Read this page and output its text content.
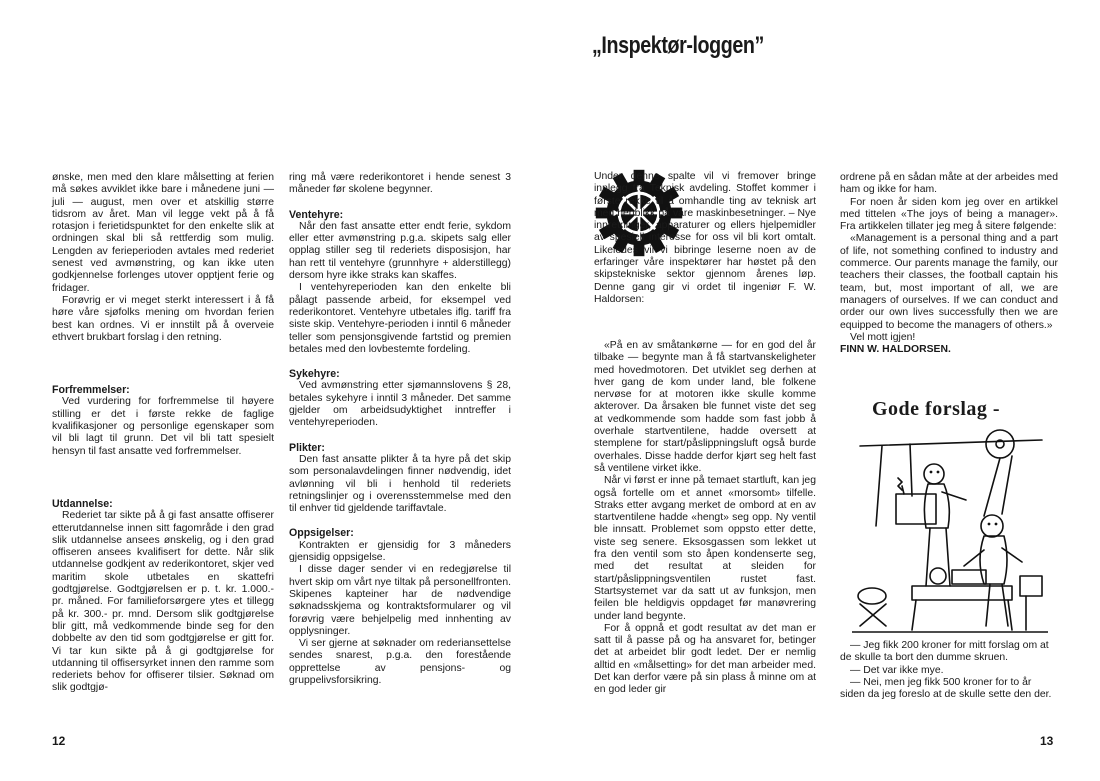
ønske, men med den klare målsetting at ferien må søkes avviklet ikke bare i månedene juni — juli — august, men over et atskillig større tidsrom av året. Man vil legge vekt på å få rotasjon i ferietidspunktet for den enkelte slik at ordningen skal bli så rettferdig som mulig. Lengden av ferieperioden avtales med rederiet senest ved avmønstring, og kan ikke uten godkjennelse forlenges utover opptjent ferie og fridager.

Forøvrig er vi meget sterkt interessert i å få høre våre sjøfolks mening om hvordan ferien best kan ordnes. Vi er innstilt på å overveie ethvert brukbart forslag i den retning.

Forfremmelser:

Ved vurdering for forfremmelse til høyere stilling er det i første rekke de faglige kvalifikasjoner og personlige egenskaper som vil bli lagt til grunn. Det vil bli tatt spesielt hensyn til fast ansatte ved forfremmelser.

Utdannelse:

Rederiet tar sikte på å gi fast ansatte offiserer etterutdannelse innen sitt fagområde i den grad slik utdannelse ansees ønskelig, og i den grad offiseren ansees kvalifisert for dette. Når slik utdannelse godkjent av rederikontoret, skjer ved maritim skole utbetales en skattefri godtgjørelse. Godtgjørelsen er p. t. kr. 1.000.- pr. måned. For familieforsørgere ytes et tillegg på kr. 300.- pr. mnd. Dersom slik godtgjørelse blir gitt, må vedkommende binde seg for den dobbelte av den tid som godtgjørelse er gitt for. Vi tar kun sikte på å gi godtgjørelse for utdanning til offisersyrket innen den ramme som rederiets behov for offiserer tilsier. Søknad om slik godtgjø-

ring må være rederikontoret i hende senest 3 måneder før skolene begynner.

Ventehyre:

Når den fast ansatte etter endt ferie, sykdom eller etter avmønstring p.g.a. skipets salg eller opplag stiller seg til rederiets disposisjon, har han rett til ventehyre (grunnhyre + alderstillegg) dersom hyre ikke straks kan skaffes.

I ventehyreperioden kan den enkelte bli pålagt passende arbeid, for eksempel ved rederikontoret. Ventehyre utbetales iflg. tariff fra siste skip. Ventehyre-perioden i inntil 6 måneder teller som pensjonsgivende fartstid og premien betales med den lovbestemte fordeling.

Sykehyre:

Ved avmønstring etter sjømannslovens § 28, betales sykehyre i inntil 3 måneder. Det samme gjelder om arbeidsudyktighet inntreffer i ventehyreperioden.

Plikter:

Den fast ansatte plikter å ta hyre på det skip som personalavdelingen finner nødvendig, idet avlønning vil bli i henhold til rederiets retningslinjer og i overensstemmelse med den til enhver tid gjeldende tariffavtale.

Oppsigelser:

Kontrakten er gjensidig for 3 måneders gjensidig oppsigelse.

I disse dager sender vi en redegjørelse til hvert skip om vårt nye tiltak på personellfronten. Skipenes kapteiner har de nødvendige søknadsskjema og kontraktsformularer og vil forøvrig være behjelpelig med innhenting av opplysninger.

Vi ser gjerne at søknader om rederiansettelse sendes snarest, p.g.a. den forestående opprettelse av pensjons- og gruppelivsforsikring.

12
„Inspektør-loggen”

Under denne spalte vil vi fremover bringe innlegg fra Teknisk avdeling. Stoffet kommer i første rekke til å omhandle ting av teknisk art med henblikk på våre maskinbesetninger. – Nye innretninger, apparaturer og ellers hjelpemidler av spesiell interesse for oss vil bli kort omtalt. Likeledes vil vi bibringe leserne noen av de erfaringer våre inspektører har høstet på den skipstekniske sektor gjennom årenes løp. Denne gang gir vi ordet til ingeniør F. W. Haldorsen:

«På en av småtankørne — for en god del år tilbake — begynte man å få startvanskeligheter med hovedmotoren. Det utviklet seg derhen at hver gang de kom under land, ble folkene nervøse for at motoren ikke skulle komme akterover. Da årsaken ble funnet viste det seg at vedkommende som hadde som fast jobb å overhale startventilene, hadde oversett at stemplene for start/påslippningsluft også burde overhales. Disse hadde derfor kjørt seg helt fast så ventilene virket ikke.

Når vi først er inne på temaet startluft, kan jeg også fortelle om et annet «morsomt» tilfelle. Straks etter avgang merket de ombord at en av startventilene hadde «hengt» seg opp. Ny ventil ble innsatt. Problemet som oppsto etter dette, viste seg senere. Eksosgassen som lekket ut fra den ventil som sto åpen kondenserte seg, med det resultat at sleiden for start/påslippningsventilen rustet fast. Startsystemet var da satt ut av funksjon, men feilen ble heldigvis oppdaget før manøvrering under land begynte.

For å oppnå et godt resultat av det man er satt til å passe på og ha ansvaret for, betinger det at arbeidet blir godt ledet. Der er nemlig alltid en «målsetting» for det man arbeider med. Det kan derfor være på sin plass å minne om at en god leder gir

ordrene på en sådan måte at der arbeides med ham og ikke for ham.

For noen år siden kom jeg over en artikkel med tittelen «The joys of being a manager». Fra artikkelen tillater jeg meg å sitere følgende:

«Management is a personal thing and a part of life, not something confined to industry and commerce. Our parents manage the family, our teachers their classes, the football captain his team, but, most important of all, we are managers of ourselves. If we can conduct and order our own lives successfully then we are equipped to become the managers of others.»

Vel mott igjen!

FINN W. HALDORSEN.

Gode forslag -

— Jeg fikk 200 kroner for mitt forslag om at de skulle ta bort den dumme skruen.

— Det var ikke mye.

— Nei, men jeg fikk 500 kroner for to år siden da jeg foreslo at de skulle sette den der.

13
